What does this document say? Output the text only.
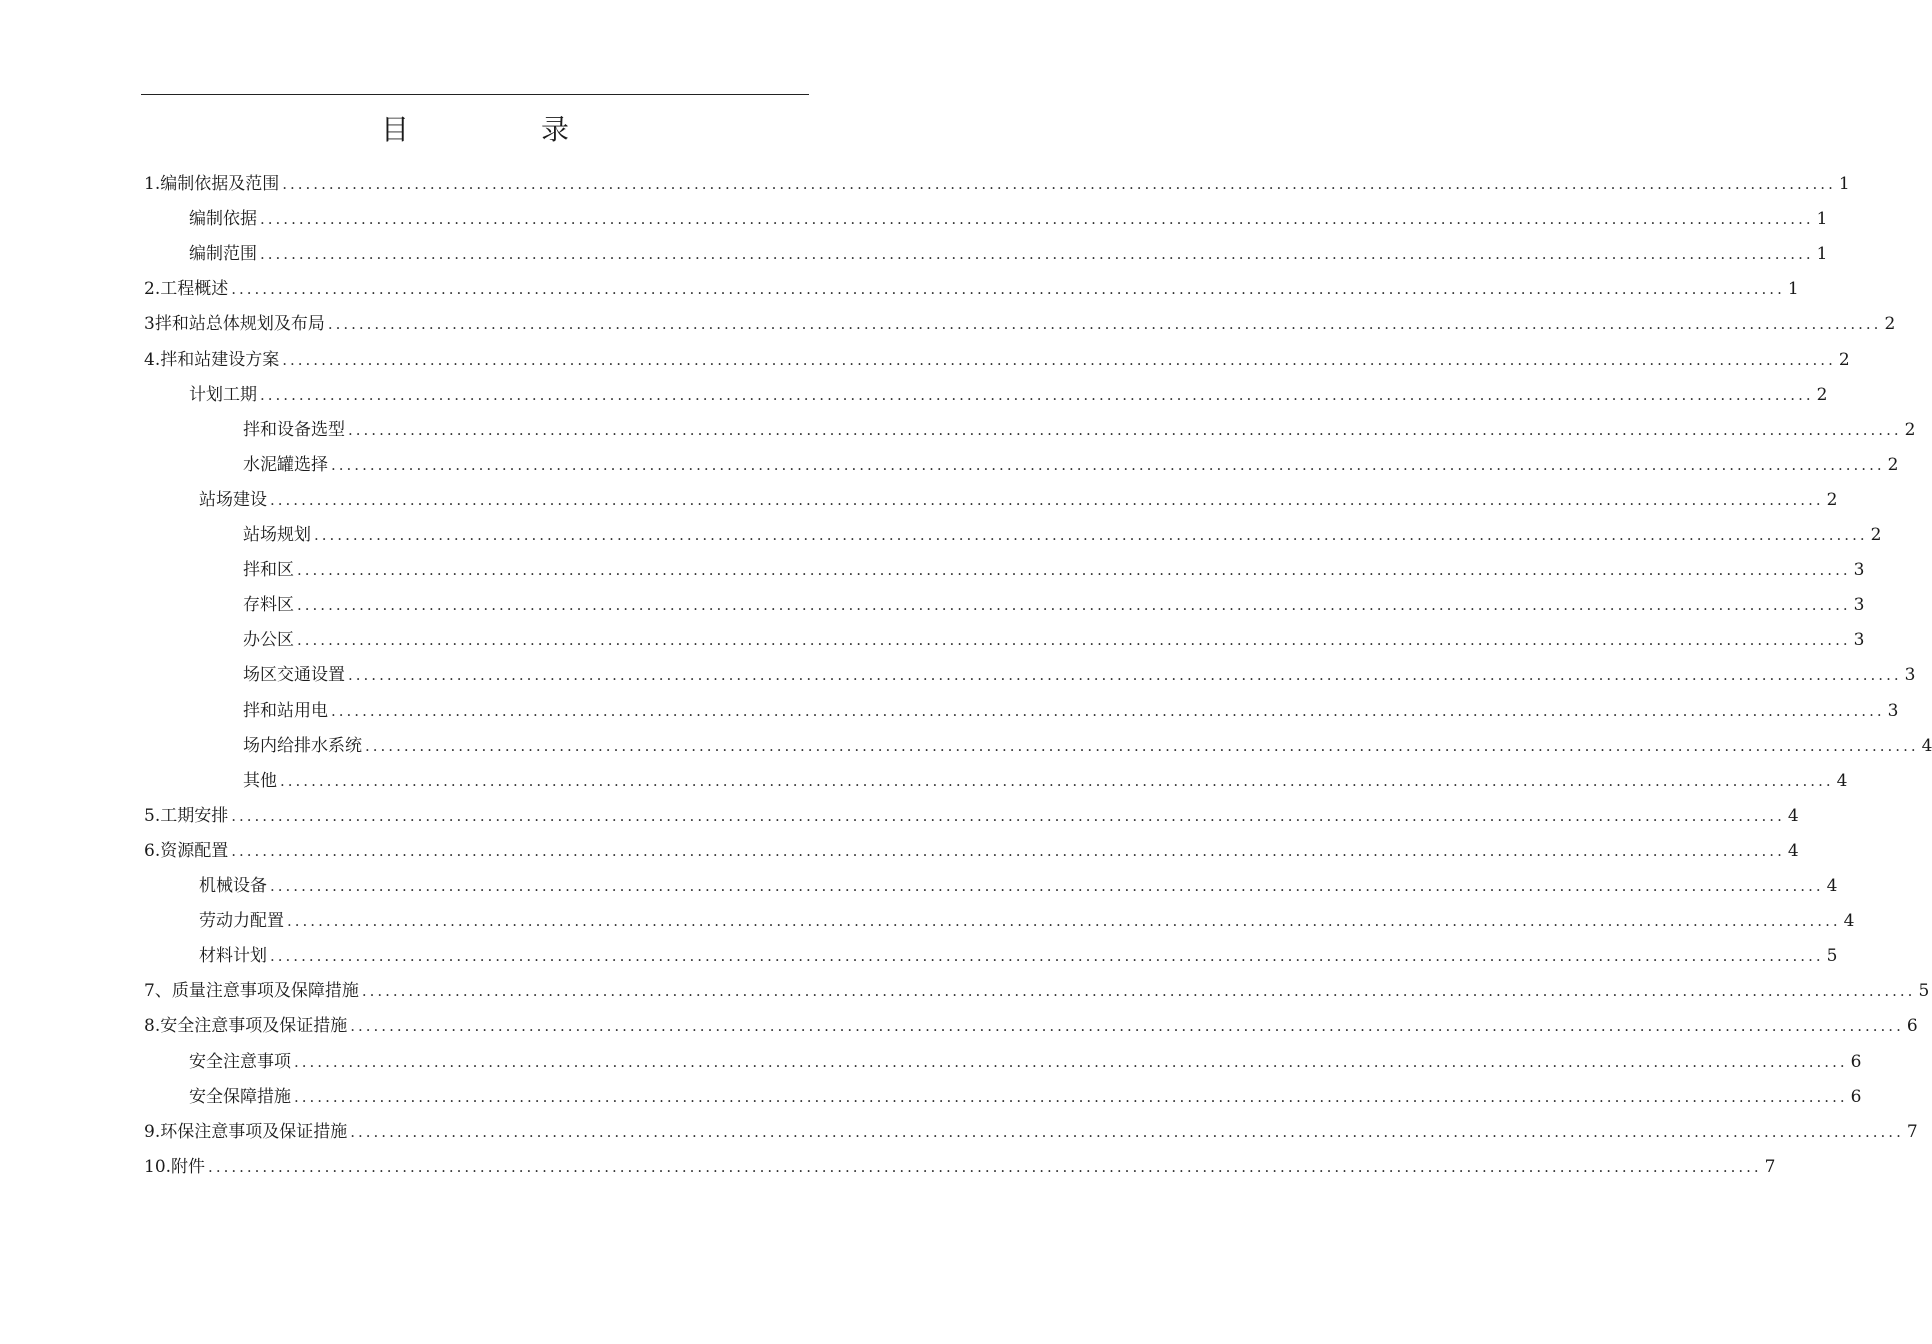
目　录
1.编制依据及范围 ........................................................................................................................................................................................................ 1
编制依据 ........................................................................................................................................................................................................ 1
编制范围 ........................................................................................................................................................................................................ 1
2.工程概述 ........................................................................................................................................................................................................ 1
3拌和站总体规划及布局 ........................................................................................................................................................................................................ 2
4.拌和站建设方案 ........................................................................................................................................................................................................ 2
计划工期 ........................................................................................................................................................................................................ 2
拌和设备选型 ........................................................................................................................................................................................................ 2
水泥罐选择 ........................................................................................................................................................................................................ 2
站场建设 ........................................................................................................................................................................................................ 2
站场规划 ........................................................................................................................................................................................................ 2
拌和区 ........................................................................................................................................................................................................ 3
存料区 ........................................................................................................................................................................................................ 3
办公区 ........................................................................................................................................................................................................ 3
场区交通设置 ........................................................................................................................................................................................................ 3
拌和站用电 ........................................................................................................................................................................................................ 3
场内给排水系统 ........................................................................................................................................................................................................ 4
其他 ........................................................................................................................................................................................................ 4
5.工期安排 ........................................................................................................................................................................................................ 4
6.资源配置 ........................................................................................................................................................................................................ 4
机械设备 ........................................................................................................................................................................................................ 4
劳动力配置 ........................................................................................................................................................................................................ 4
材料计划 ........................................................................................................................................................................................................ 5
7、质量注意事项及保障措施 ........................................................................................................................................................................................................ 5
8.安全注意事项及保证措施 ........................................................................................................................................................................................................ 6
安全注意事项 ........................................................................................................................................................................................................ 6
安全保障措施 ........................................................................................................................................................................................................ 6
9.环保注意事项及保证措施 ........................................................................................................................................................................................................ 7
10.附件 ........................................................................................................................................................................................................ 7
